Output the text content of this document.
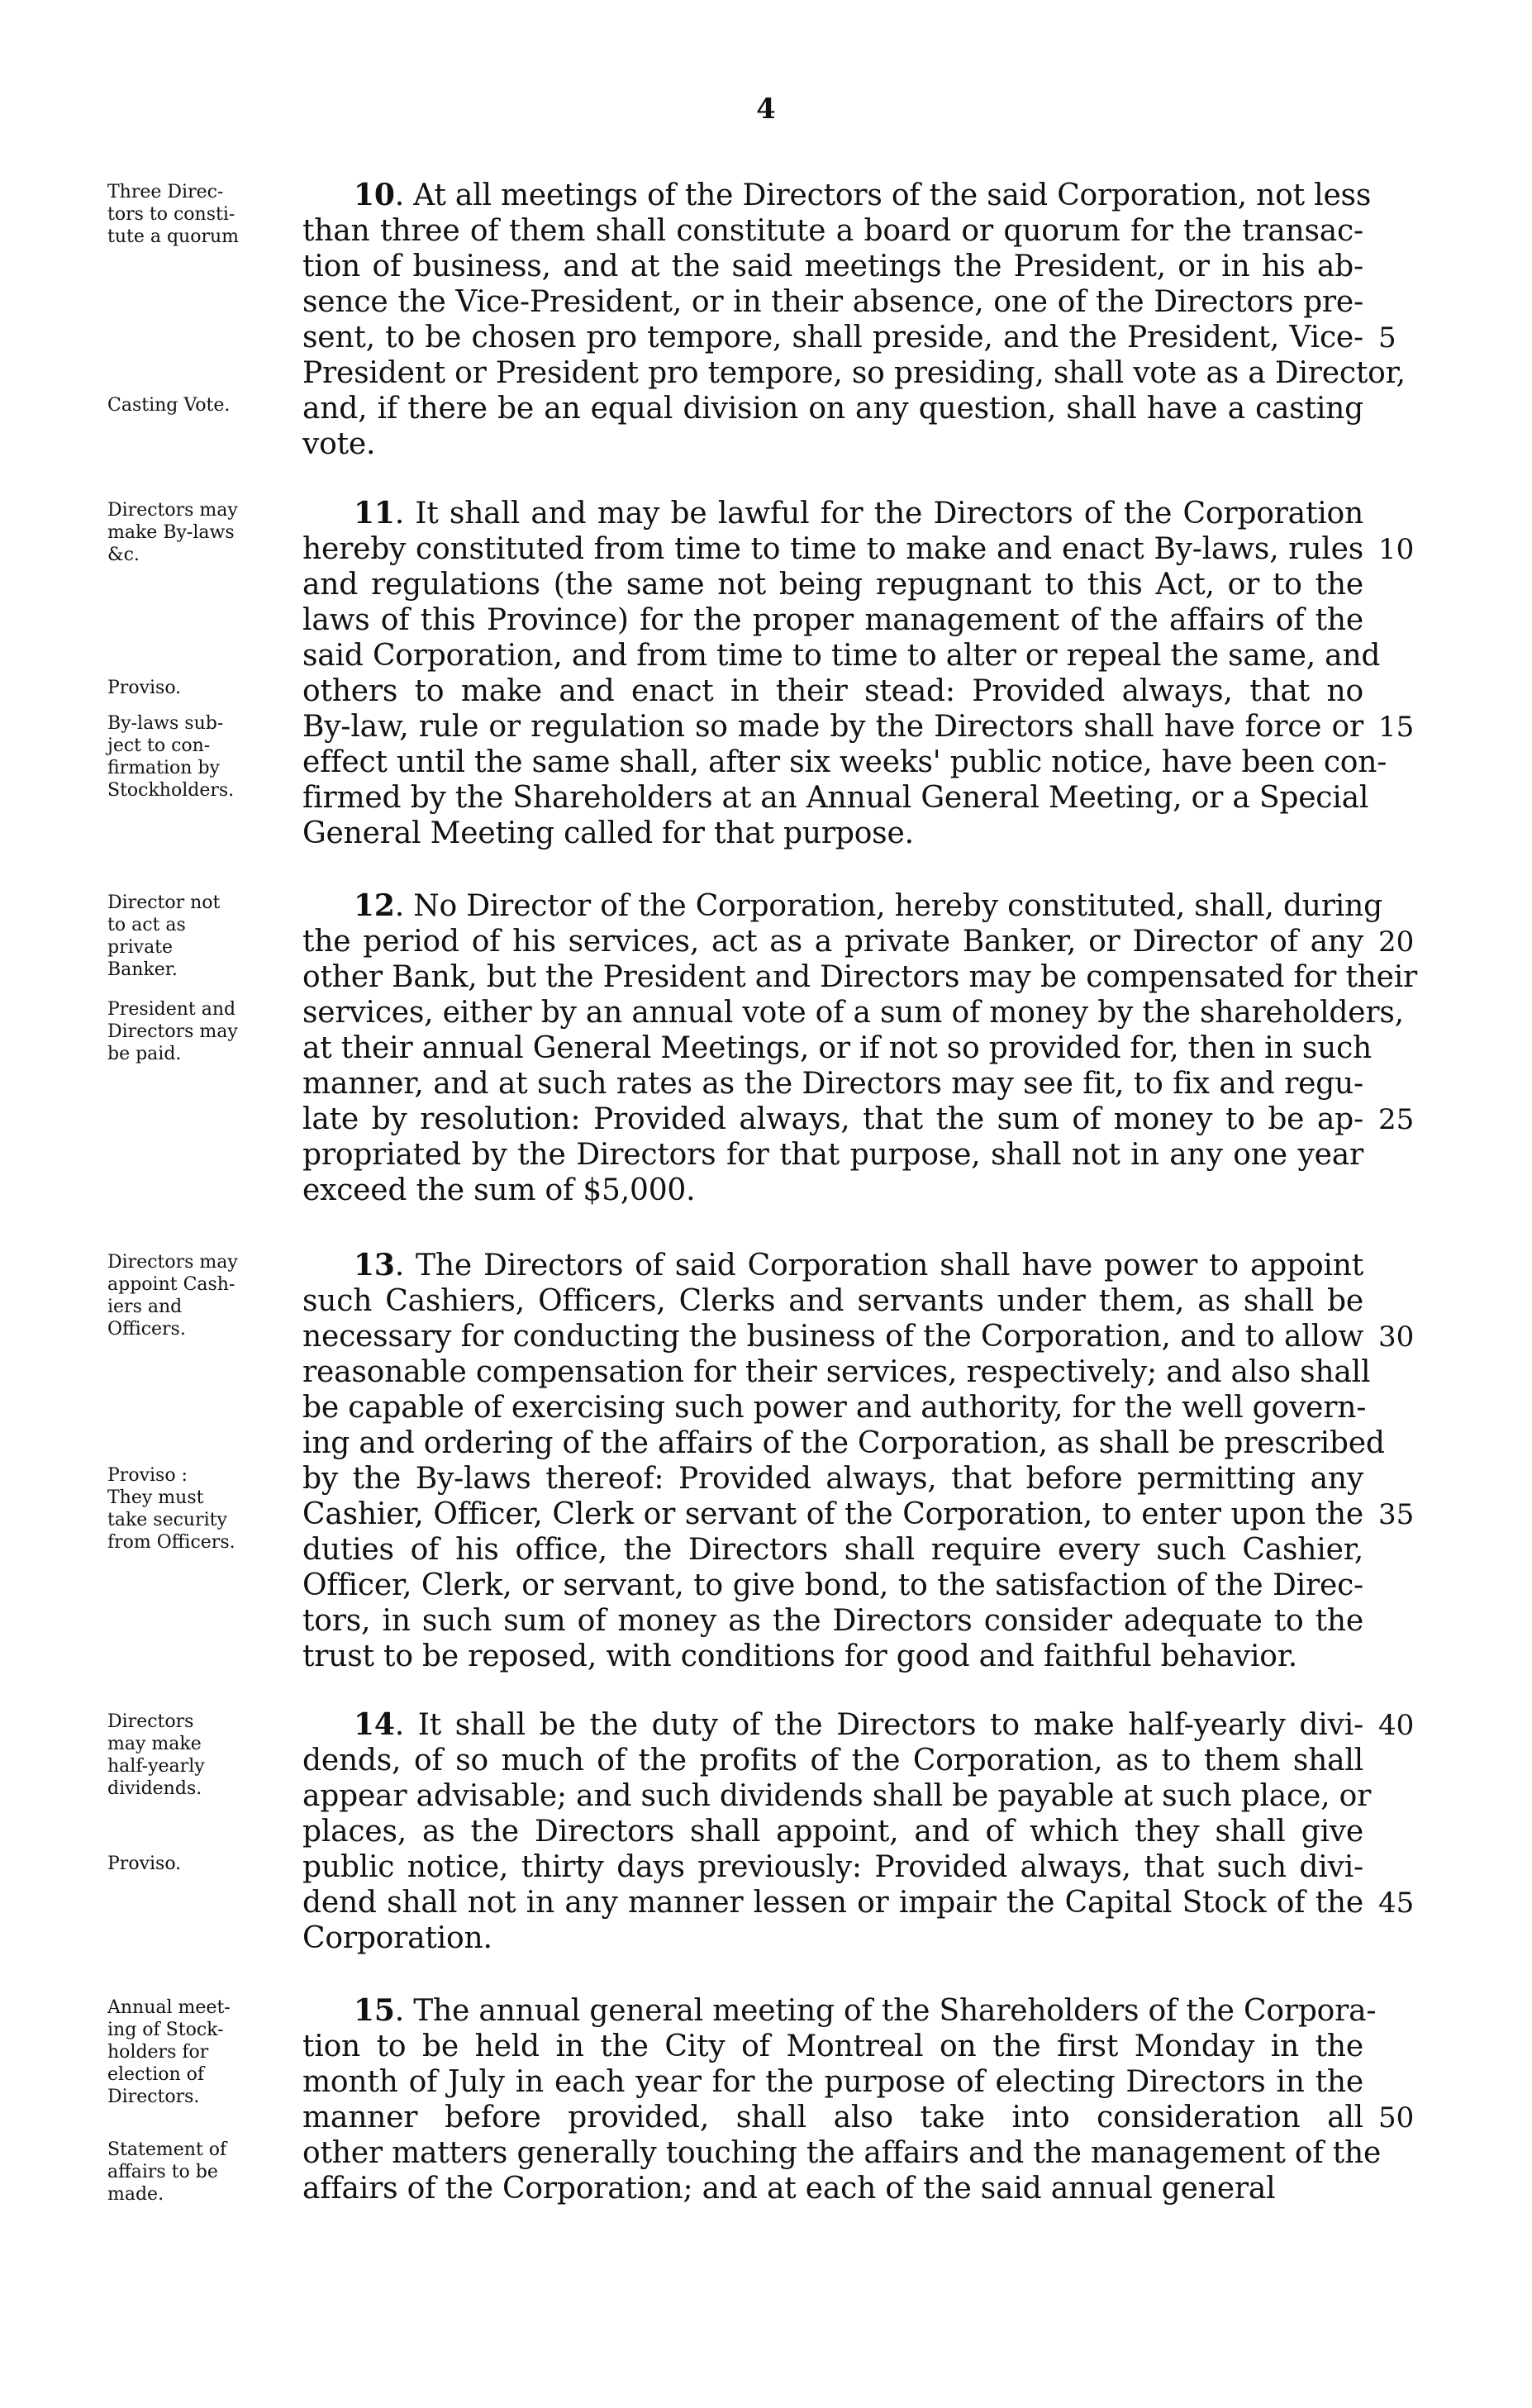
4
10. At all meetings of the Directors of the said Corporation, not less
than three of them shall constitute a board or quorum for the transac-
tion of business, and at the said meetings the President, or in his ab-
sence the Vice-President, or in their absence, one of the Directors pre-
sent, to be chosen pro tempore, shall preside, and the President, Vice-
President or President pro tempore, so presiding, shall vote as a Director,
and, if there be an equal division on any question, shall have a casting
vote.
Three Direc-
tors to consti-
tute a quorum
Casting Vote.
5
11. It shall and may be lawful for the Directors of the Corporation
hereby constituted from time to time to make and enact By-laws, rules
and regulations (the same not being repugnant to this Act, or to the
laws of this Province) for the proper management of the affairs of the
said Corporation, and from time to time to alter or repeal the same, and
others to make and enact in their stead: Provided always, that no
By-law, rule or regulation so made by the Directors shall have force or
effect until the same shall, after six weeks' public notice, have been con-
firmed by the Shareholders at an Annual General Meeting, or a Special
General Meeting called for that purpose.
Directors may
make By-laws
&c.
Proviso.
By-laws sub-
ject to con-
firmation by
Stockholders.
10
15
12. No Director of the Corporation, hereby constituted, shall, during
the period of his services, act as a private Banker, or Director of any
other Bank, but the President and Directors may be compensated for their
services, either by an annual vote of a sum of money by the shareholders,
at their annual General Meetings, or if not so provided for, then in such
manner, and at such rates as the Directors may see fit, to fix and regu-
late by resolution: Provided always, that the sum of money to be ap-
propriated by the Directors for that purpose, shall not in any one year
exceed the sum of $5,000.
Director not
to act as
private
Banker.
President and
Directors may
be paid.
20
25
13. The Directors of said Corporation shall have power to appoint
such Cashiers, Officers, Clerks and servants under them, as shall be
necessary for conducting the business of the Corporation, and to allow
reasonable compensation for their services, respectively; and also shall
be capable of exercising such power and authority, for the well govern-
ing and ordering of the affairs of the Corporation, as shall be prescribed
by the By-laws thereof: Provided always, that before permitting any
Cashier, Officer, Clerk or servant of the Corporation, to enter upon the
duties of his office, the Directors shall require every such Cashier,
Officer, Clerk, or servant, to give bond, to the satisfaction of the Direc-
tors, in such sum of money as the Directors consider adequate to the
trust to be reposed, with conditions for good and faithful behavior.
Directors may
appoint Cash-
iers and
Officers.
Proviso :
They must
take security
from Officers.
30
35
14. It shall be the duty of the Directors to make half-yearly divi-
dends, of so much of the profits of the Corporation, as to them shall
appear advisable; and such dividends shall be payable at such place, or
places, as the Directors shall appoint, and of which they shall give
public notice, thirty days previously: Provided always, that such divi-
dend shall not in any manner lessen or impair the Capital Stock of the
Corporation.
Directors
may make
half-yearly
dividends.
Proviso.
40
45
15. The annual general meeting of the Shareholders of the Corpora-
tion to be held in the City of Montreal on the first Monday in the
month of July in each year for the purpose of electing Directors in the
manner before provided, shall also take into consideration all
other matters generally touching the affairs and the management of the
affairs of the Corporation; and at each of the said annual general
Annual meet-
ing of Stock-
holders for
election of
Directors.
Statement of
affairs to be
made.
50
